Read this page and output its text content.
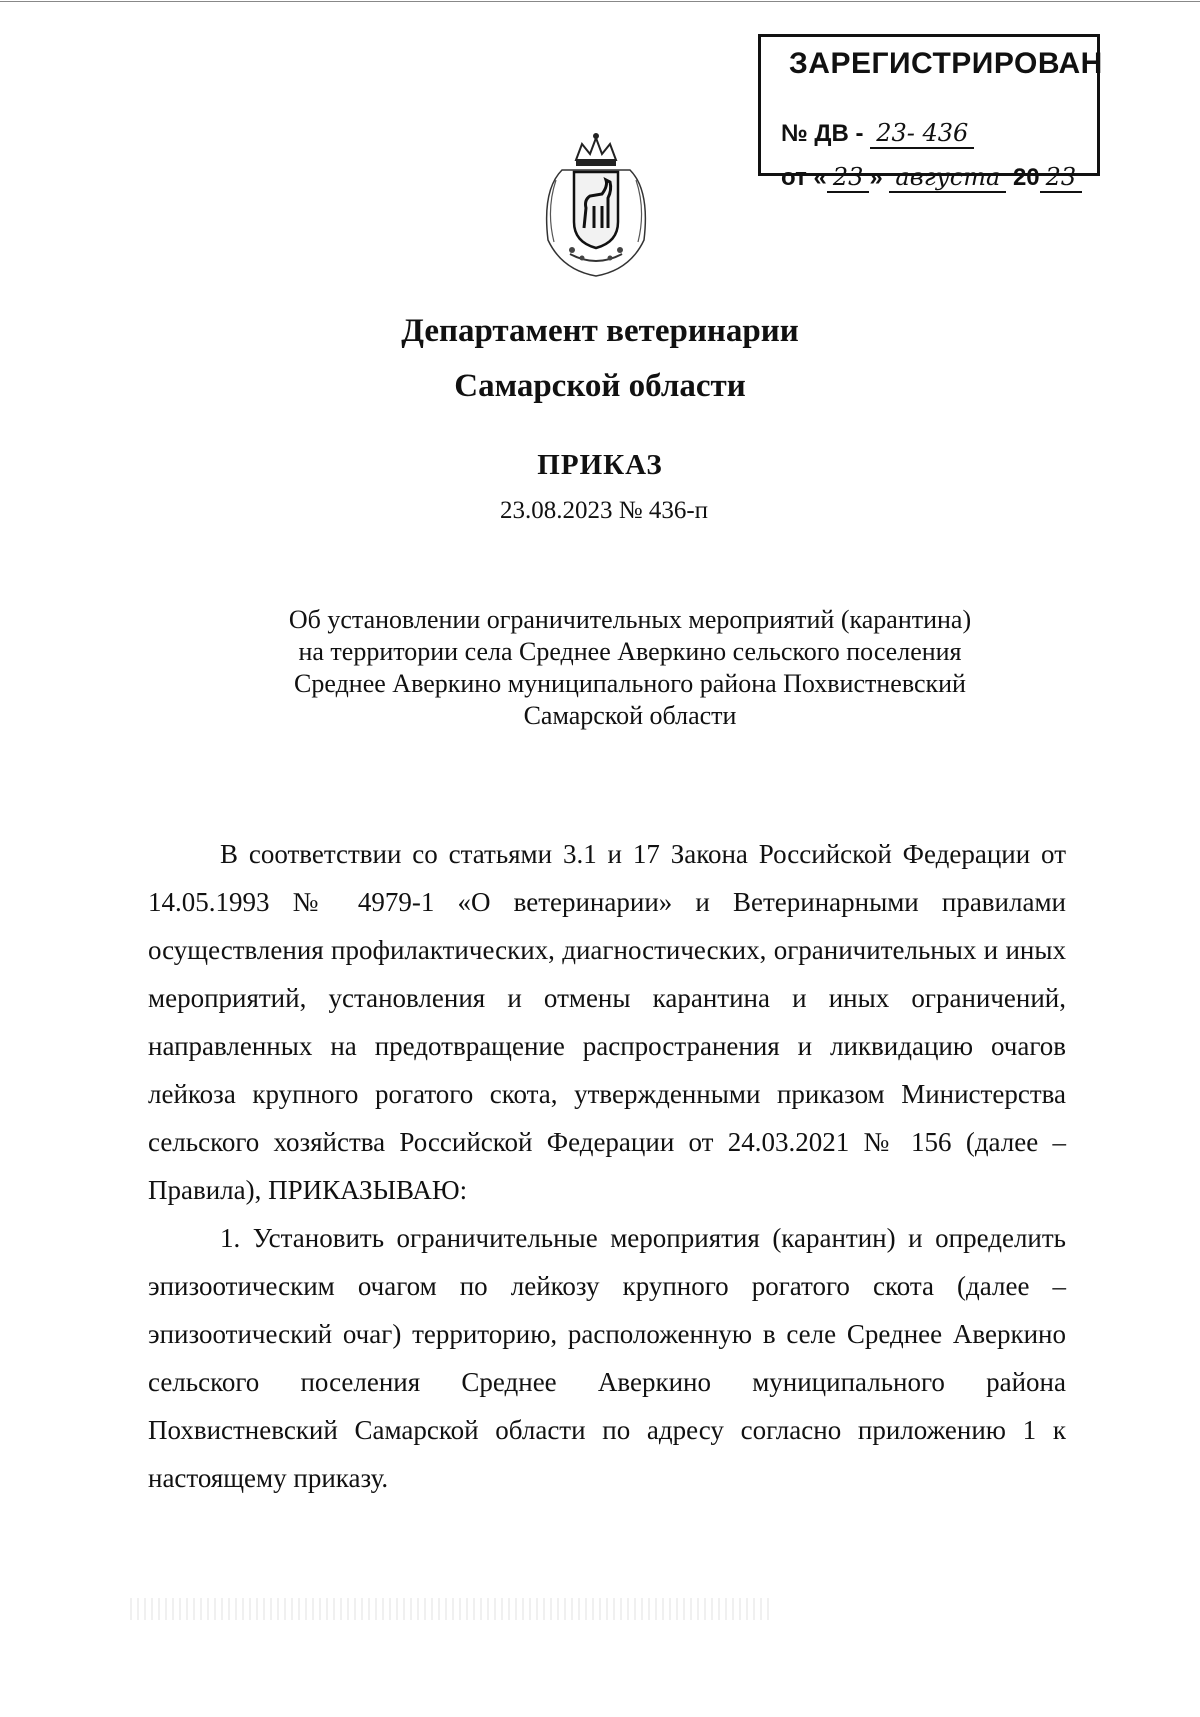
ЗАРЕГИСТРИРОВАН
№ ДВ - 23- 436
от « 23 » августа 20 23
Департамент ветеринарии
Самарской области
ПРИКАЗ
23.08.2023 № 436-п
Об установлении ограничительных мероприятий (карантина)
на территории села Среднее Аверкино сельского поселения
Среднее Аверкино муниципального района Похвистневский
Самарской области

В соответствии со статьями 3.1 и 17 Закона Российской Федерации от 14.05.1993 № 4979-1 «О ветеринарии» и Ветеринарными правилами осуществления профилактических, диагностических, ограничительных и иных мероприятий, установления и отмены карантина и иных ограничений, направленных на предотвращение распространения и ликвидацию очагов лейкоза крупного рогатого скота, утвержденными приказом Министерства сельского хозяйства Российской Федерации от 24.03.2021 № 156 (далее – Правила), ПРИКАЗЫВАЮ:

1. Установить ограничительные мероприятия (карантин) и определить эпизоотическим очагом по лейкозу крупного рогатого скота (далее – эпизоотический очаг) территорию, расположенную в селе Среднее Аверкино сельского поселения Среднее Аверкино муниципального района Похвистневский Самарской области по адресу согласно приложению 1 к настоящему приказу.
